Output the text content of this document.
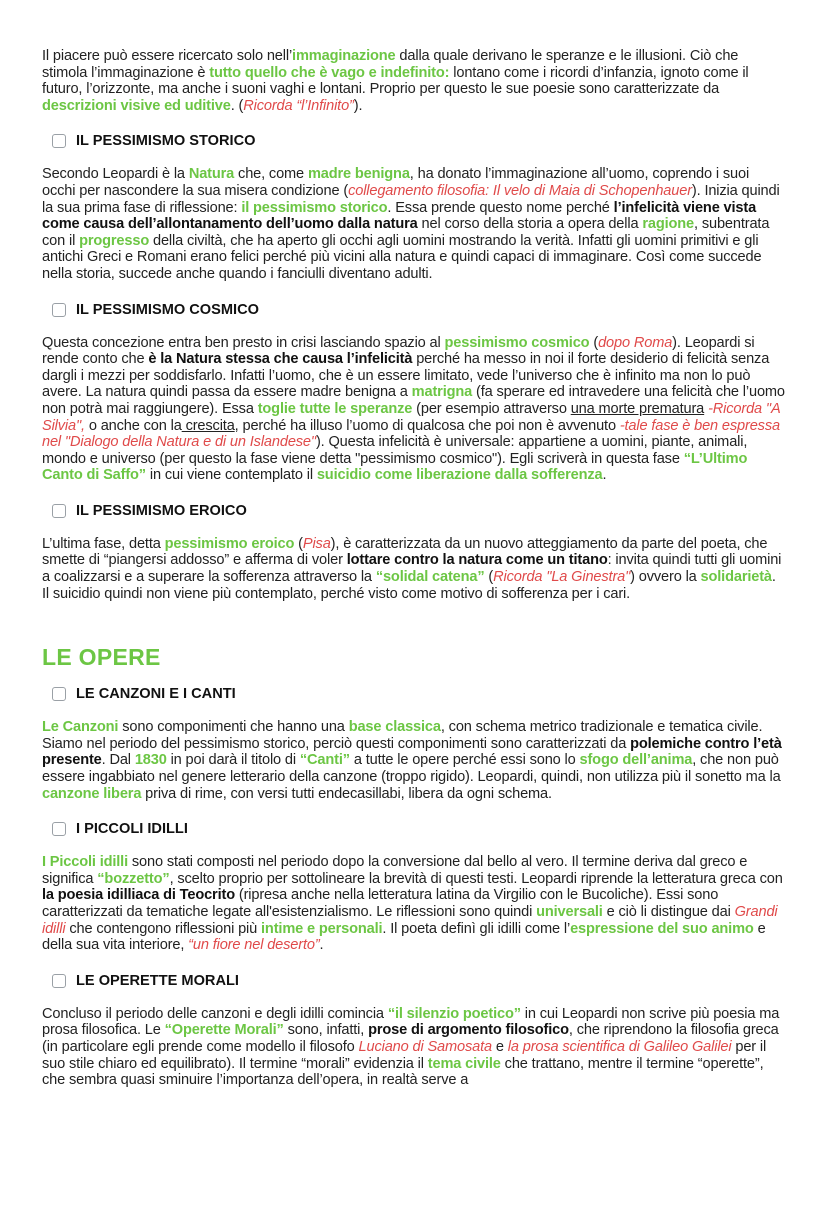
Il piacere può essere ricercato solo nell’immaginazione dalla quale derivano le speranze e le illusioni. Ciò che stimola l’immaginazione è tutto quello che è vago e indefinito: lontano come i ricordi d’infanzia, ignoto come il futuro, l’orizzonte, ma anche i suoni vaghi e lontani. Proprio per questo le sue poesie sono caratterizzate da descrizioni visive ed uditive. (Ricorda “l’Infinito”).

IL PESSIMISMO STORICO

Secondo Leopardi è la Natura che, come madre benigna, ha donato l’immaginazione all’uomo, coprendo i suoi occhi per nascondere la sua misera condizione (collegamento filosofia: Il velo di Maia di Schopenhauer). Inizia quindi la sua prima fase di riflessione: il pessimismo storico. Essa prende questo nome perché l’infelicità viene vista come causa dell’allontanamento dell’uomo dalla natura nel corso della storia a opera della ragione, subentrata con il progresso della civiltà, che ha aperto gli occhi agli uomini mostrando la verità. Infatti gli uomini primitivi e gli antichi Greci e Romani erano felici perché più vicini alla natura e quindi capaci di immaginare. Così come succede nella storia, succede anche quando i fanciulli diventano adulti.

IL PESSIMISMO COSMICO

Questa concezione entra ben presto in crisi lasciando spazio al pessimismo cosmico (dopo Roma). Leopardi si rende conto che è la Natura stessa che causa l’infelicità perché ha messo in noi il forte desiderio di felicità senza dargli i mezzi per soddisfarlo. Infatti l’uomo, che è un essere limitato, vede l’universo che è infinito ma non lo può avere. La natura quindi passa da essere madre benigna a matrigna (fa sperare ed intravedere una felicità che l’uomo non potrà mai raggiungere). Essa toglie tutte le speranze (per esempio attraverso una morte prematura -Ricorda "A Silvia", o anche con la crescita, perché ha illuso l’uomo di qualcosa che poi non è avvenuto -tale fase è ben espressa nel "Dialogo della Natura e di un Islandese"). Questa infelicità è universale: appartiene a uomini, piante, animali, mondo e universo (per questo la fase viene detta "pessimismo cosmico"). Egli scriverà in questa fase “L’Ultimo Canto di Saffo” in cui viene contemplato il suicidio come liberazione dalla sofferenza.

IL PESSIMISMO EROICO

L’ultima fase, detta pessimismo eroico (Pisa), è caratterizzata da un nuovo atteggiamento da parte del poeta, che smette di “piangersi addosso” e afferma di voler lottare contro la natura come un titano: invita quindi tutti gli uomini a coalizzarsi e a superare la sofferenza attraverso la “solidal catena” (Ricorda "La Ginestra") ovvero la solidarietà. Il suicidio quindi non viene più contemplato, perché visto come motivo di sofferenza per i cari.

LE OPERE
LE CANZONI E I CANTI

Le Canzoni sono componimenti che hanno una base classica, con schema metrico tradizionale e tematica civile. Siamo nel periodo del pessimismo storico, perciò questi componimenti sono caratterizzati da polemiche contro l’età presente. Dal 1830 in poi darà il titolo di “Canti” a tutte le opere perché essi sono lo sfogo dell’anima, che non può essere ingabbiato nel genere letterario della canzone (troppo rigido). Leopardi, quindi, non utilizza più il sonetto ma la canzone libera priva di rime, con versi tutti endecasillabi, libera da ogni schema.

I PICCOLI IDILLI

I Piccoli idilli sono stati composti nel periodo dopo la conversione dal bello al vero. Il termine deriva dal greco e significa “bozzetto”, scelto proprio per sottolineare la brevità di questi testi. Leopardi riprende la letteratura greca con la poesia idilliaca di Teocrito (ripresa anche nella letteratura latina da Virgilio con le Bucoliche). Essi sono caratterizzati da tematiche legate all'esistenzialismo. Le riflessioni sono quindi universali e ciò li distingue dai Grandi idilli che contengono riflessioni più intime e personali. Il poeta definì gli idilli come l’espressione del suo animo e della sua vita interiore, “un fiore nel deserto”.

LE OPERETTE MORALI

Concluso il periodo delle canzoni e degli idilli comincia “il silenzio poetico” in cui Leopardi non scrive più poesia ma prosa filosofica. Le “Operette Morali” sono, infatti, prose di argomento filosofico, che riprendono la filosofia greca (in particolare egli prende come modello il filosofo Luciano di Samosata e la prosa scientifica di Galileo Galilei per il suo stile chiaro ed equilibrato). Il termine “morali” evidenzia il tema civile che trattano, mentre il termine “operette”, che sembra quasi sminuire l’importanza dell’opera, in realtà serve a
